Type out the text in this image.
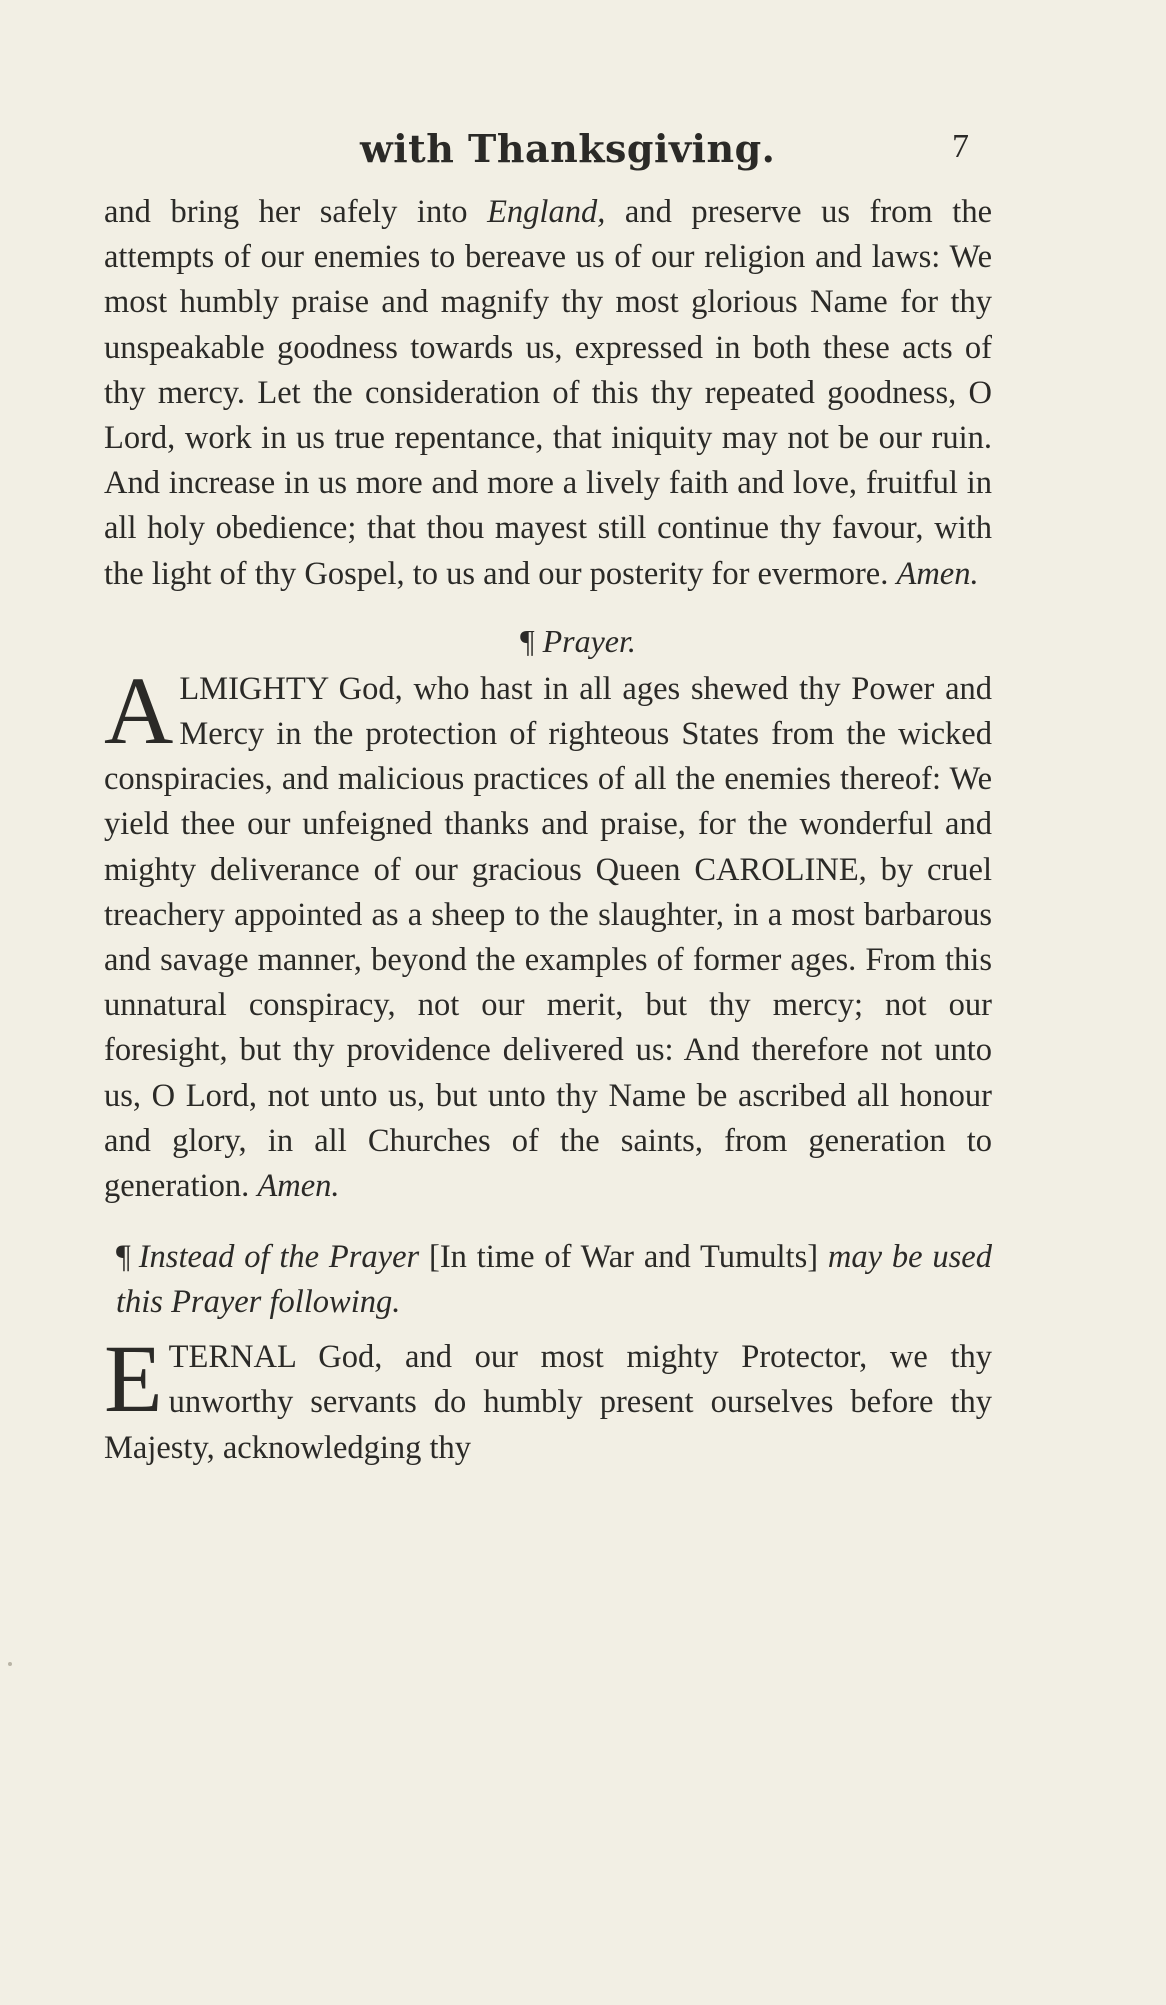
with Thanksgiving.	7

and bring her safely into England, and preserve us from the attempts of our enemies to bereave us of our religion and laws: We most humbly praise and magnify thy most glorious Name for thy unspeakable goodness towards us, expressed in both these acts of thy mercy. Let the consideration of this thy repeated goodness, O Lord, work in us true repentance, that iniquity may not be our ruin. And increase in us more and more a lively faith and love, fruitful in all holy obedience; that thou mayest still continue thy favour, with the light of thy Gospel, to us and our posterity for evermore. Amen.

¶ Prayer.

ALMIGHTY God, who hast in all ages shewed thy Power and Mercy in the protection of righteous States from the wicked conspiracies, and malicious practices of all the enemies thereof: We yield thee our unfeigned thanks and praise, for the wonderful and mighty deliverance of our gracious Queen CAROLINE, by cruel treachery appointed as a sheep to the slaughter, in a most barbarous and savage manner, beyond the examples of former ages. From this unnatural conspiracy, not our merit, but thy mercy; not our foresight, but thy providence delivered us: And therefore not unto us, O Lord, not unto us, but unto thy Name be ascribed all honour and glory, in all Churches of the saints, from generation to generation. Amen.

¶ Instead of the Prayer [In time of War and Tumults] may be used this Prayer following.

ETERNAL God, and our most mighty Protector, we thy unworthy servants do humbly present ourselves before thy Majesty, acknowledging thy
